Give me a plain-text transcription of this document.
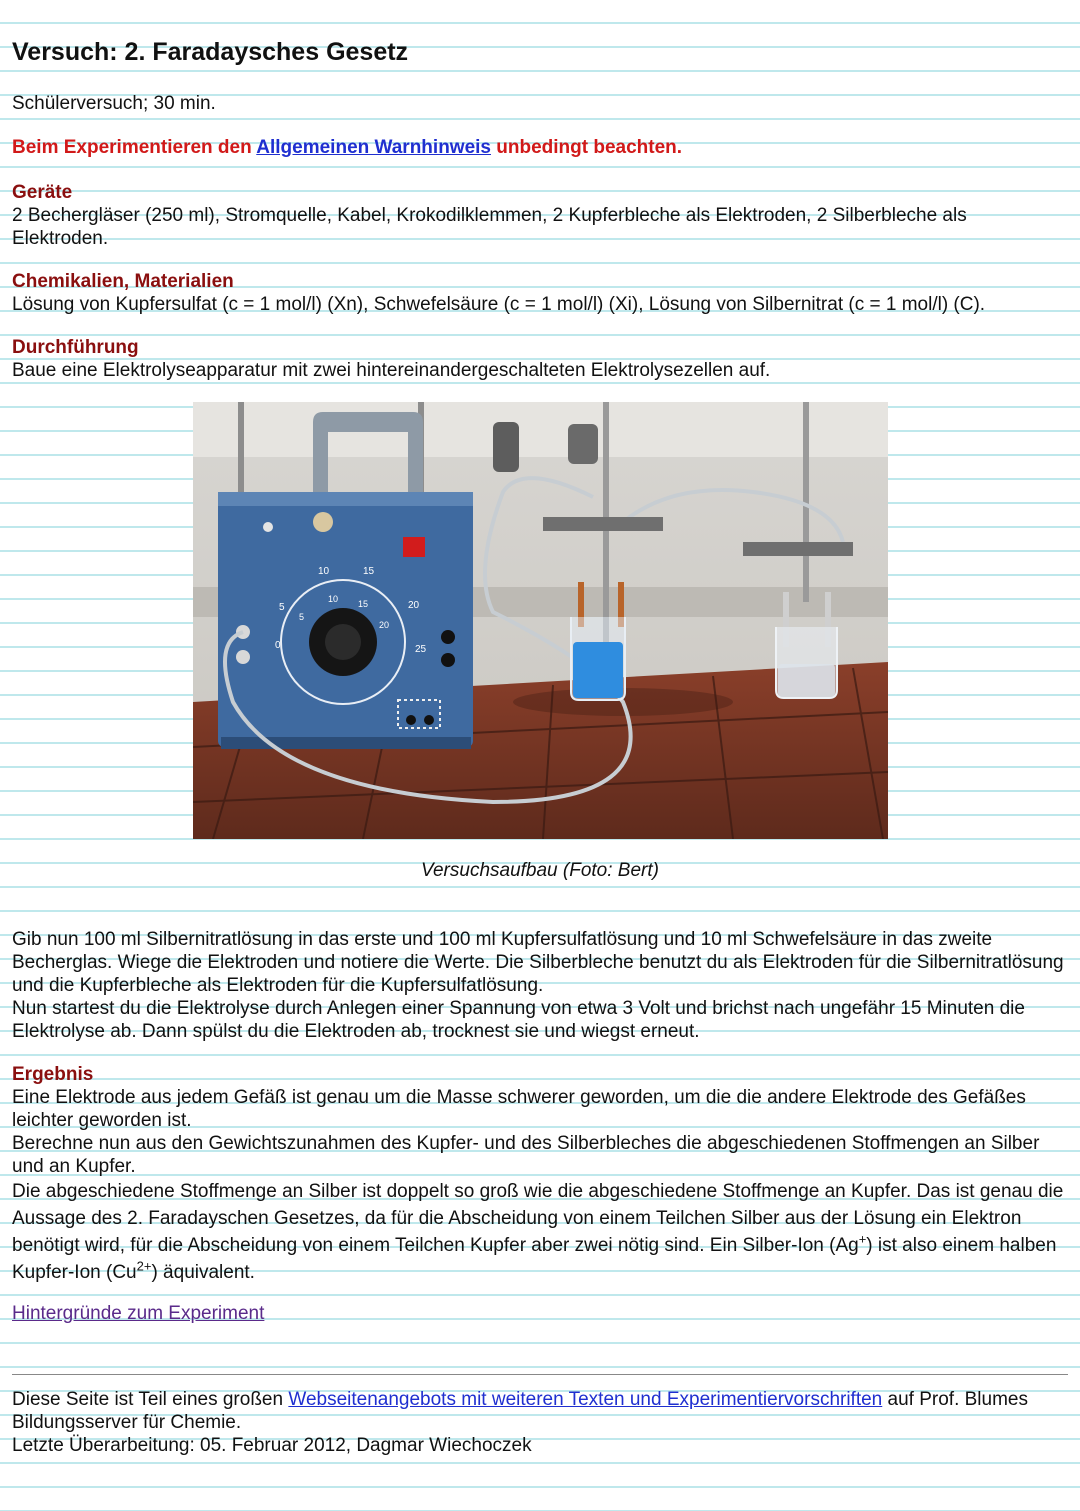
Versuch: 2. Faradaysches Gesetz
Schülerversuch; 30 min.
Beim Experimentieren den Allgemeinen Warnhinweis unbedingt beachten.
Geräte
2 Bechergläser (250 ml), Stromquelle, Kabel, Krokodilklemmen, 2 Kupferbleche als Elektroden, 2 Silberbleche als Elektroden.
Chemikalien, Materialien
Lösung von Kupfersulfat (c = 1 mol/l) (Xn), Schwefelsäure (c = 1 mol/l) (Xi), Lösung von Silbernitrat (c = 1 mol/l) (C).
Durchführung
Baue eine Elektrolyseapparatur mit zwei hintereinandergeschalteten Elektrolysezellen auf.
10	15
20
25
5
0
10 15
20
5
Versuchsaufbau (Foto: Bert)

Gib nun 100 ml Silbernitratlösung in das erste und 100 ml Kupfersulfatlösung und 10 ml Schwefelsäure in das zweite Becherglas. Wiege die Elektroden und notiere die Werte. Die Silberbleche benutzt du als Elektroden für die Silbernitratlösung und die Kupferbleche als Elektroden für die Kupfersulfatlösung.

Nun startest du die Elektrolyse durch Anlegen einer Spannung von etwa 3 Volt und brichst nach ungefähr 15 Minuten die Elektrolyse ab. Dann spülst du die Elektroden ab, trocknest sie und wiegst erneut.

Ergebnis

Eine Elektrode aus jedem Gefäß ist genau um die Masse schwerer geworden, um die die andere Elektrode des Gefäßes leichter geworden ist.

Berechne nun aus den Gewichtszunahmen des Kupfer- und des Silberbleches die abgeschiedenen Stoffmengen an Silber und an Kupfer.

Die abgeschiedene Stoffmenge an Silber ist doppelt so groß wie die abgeschiedene Stoffmenge an Kupfer. Das ist genau die Aussage des 2. Faradayschen Gesetzes, da für die Abscheidung von einem Teilchen Silber aus der Lösung ein Elektron benötigt wird, für die Abscheidung von einem Teilchen Kupfer aber zwei nötig sind. Ein Silber-Ion (Ag+) ist also einem halben Kupfer-Ion $(Cu^{2+})$ äquivalent.

Hintergründe zum Experiment

Diese Seite ist Teil eines großen Webseitenangebots mit weiteren Texten und Experimentiervorschriften auf Prof. Blumes Bildungsserver für Chemie.

Letzte Überarbeitung: 05. Februar 2012, Dagmar Wiechoczek
